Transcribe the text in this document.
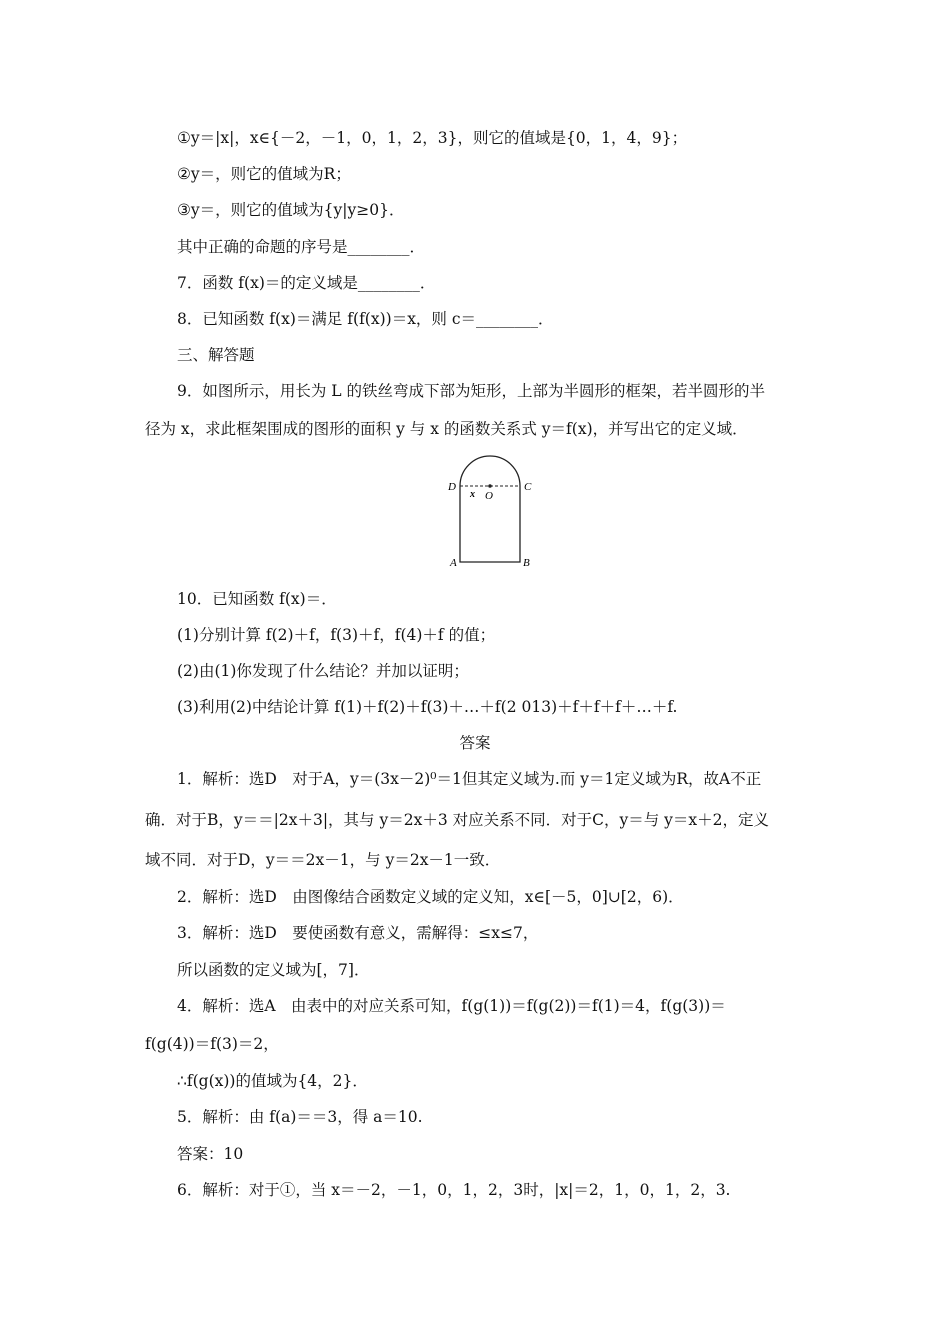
①y＝|x|，x∈{－2，－1，0，1，2，3}，则它的值域是{0，1，4，9}；
②y＝，则它的值域为R；
③y＝，则它的值域为{y|y≥0}．
其中正确的命题的序号是________．
7．函数 f(x)＝的定义域是________．
8．已知函数 f(x)＝满足 f(f(x))＝x，则 c＝________．
三、解答题
9．如图所示，用长为 L 的铁丝弯成下部为矩形，上部为半圆形的框架，若半圆形的半
径为 x，求此框架围成的图形的面积 y 与 x 的函数关系式 y＝f(x)，并写出它的定义域．
D	C
x O
A	B
10．已知函数 f(x)＝．
(1)分别计算 f(2)＋f，f(3)＋f，f(4)＋f 的值；
(2)由(1)你发现了什么结论？并加以证明；
(3)利用(2)中结论计算 f(1)＋f(2)＋f(3)＋…＋f(2 013)＋f＋f＋f＋…＋f.
答案
1．解析：选D　对于A，y＝(3x－2)⁰＝1但其定义域为.而 y＝1定义域为R，故A不正
确．对于B，y＝＝|2x＋3|，其与 y＝2x＋3 对应关系不同．对于C，y＝与 y＝x＋2，定义
域不同．对于D，y＝＝2x－1，与 y＝2x－1一致．
2．解析：选D　由图像结合函数定义域的定义知，x∈[－5，0]∪[2，6)．
3．解析：选D　要使函数有意义，需解得：≤x≤7，
所以函数的定义域为[，7]．
4．解析：选A　由表中的对应关系可知，f(g(1))＝f(g(2))＝f(1)＝4，f(g(3))＝
f(g(4))＝f(3)＝2，
∴f(g(x))的值域为{4，2}．
5．解析：由 f(a)＝＝3，得 a＝10.
答案：10
6．解析：对于①，当 x＝－2，－1，0，1，2，3时，|x|＝2，1，0，1，2，3.
